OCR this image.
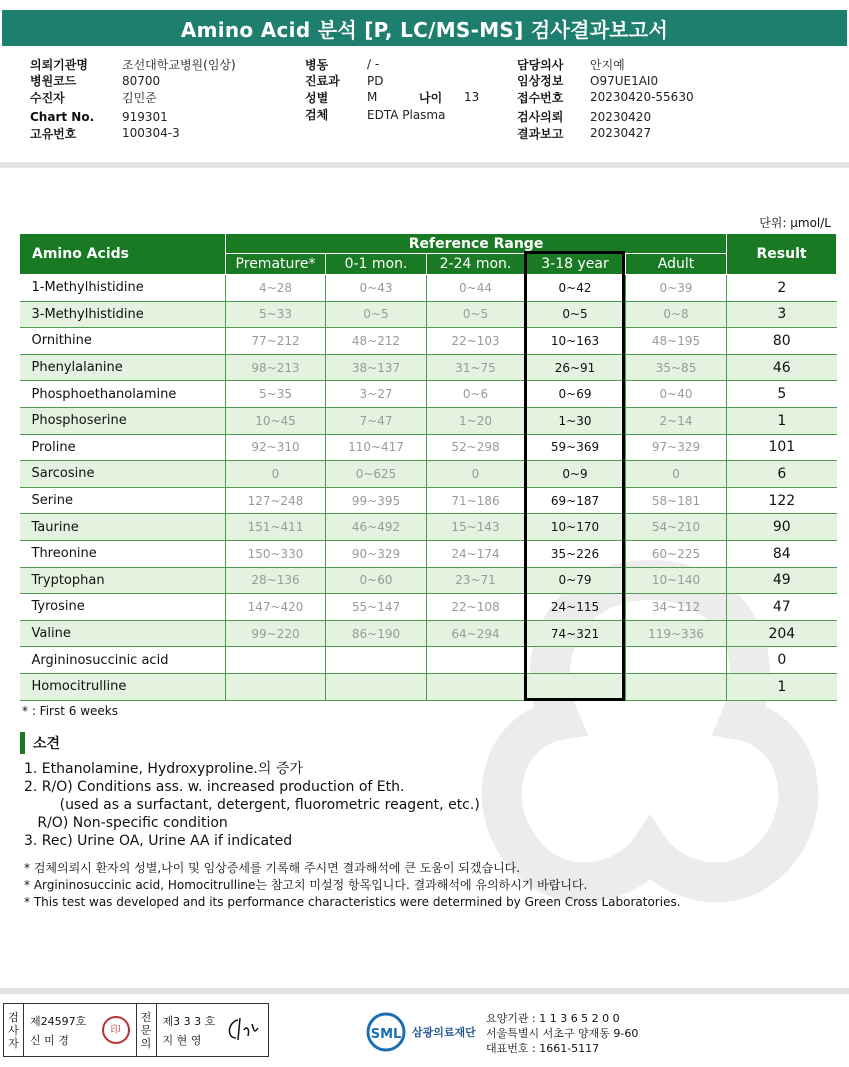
Amino Acid 분석 [P, LC/MS-MS] 검사결과보고서
의뢰기관명	조선대학교병원(임상)
병원코드	80700
수진자	김민준
Chart No.	919301
고유번호	100304-3
병동	/ -
진료과	PD
성별	M	나이	13
검체	EDTA Plasma
담당의사	안지예
임상정보	O97UE1AI0
접수번호	20230420-55630
검사의뢰	20230420
결과보고	20230427
단위: μmol/L
Amino Acids	Reference Range					Result
	Premature*	0-1 mon.	2-24 mon.	3-18 year	Adult	
1-Methylhistidine	4~28	0~43	0~44	0~42	0~39	2
3-Methylhistidine	5~33	0~5	0~5	0~5	0~8	3
Ornithine	77~212	48~212	22~103	10~163	48~195	80
Phenylalanine	98~213	38~137	31~75	26~91	35~85	46
Phosphoethanolamine	5~35	3~27	0~6	0~69	0~40	5
Phosphoserine	10~45	7~47	1~20	1~30	2~14	1
Proline	92~310	110~417	52~298	59~369	97~329	101
Sarcosine	0	0~625	0	0~9	0	6
Serine	127~248	99~395	71~186	69~187	58~181	122
Taurine	151~411	46~492	15~143	10~170	54~210	90
Threonine	150~330	90~329	24~174	35~226	60~225	84
Tryptophan	28~136	0~60	23~71	0~79	10~140	49
Tyrosine	147~420	55~147	22~108	24~115	34~112	47
Valine	99~220	86~190	64~294	74~321	119~336	204
Argininosuccinic acid						0
Homocitrulline						1
* : First 6 weeks
소견
1. Ethanolamine, Hydroxyproline.의 증가
2. R/O) Conditions ass. w. increased production of Eth.
(used as a surfactant, detergent, fluorometric reagent, etc.)
R/O) Non-specific condition
3. Rec) Urine OA, Urine AA if indicated
* 검체의뢰시 환자의 성별,나이 및 임상증세를 기록해 주시면 결과해석에 큰 도움이 되겠습니다.
* Argininosuccinic acid, Homocitrulline는 참고치 미설정 항목입니다. 결과해석에 유의하시기 바랍니다.
* This test was developed and its performance characteristics were determined by Green Cross Laboratories.
검
사
자
제24597호
신 미 경
印
전
문
의
제3 3 3 호
지 현 영	SML 삼광의료재단
요양기관 : 1 1 3 6 5 2 0 0
서울특별시 서초구 양재동 9-60
대표번호 : 1661-5117
